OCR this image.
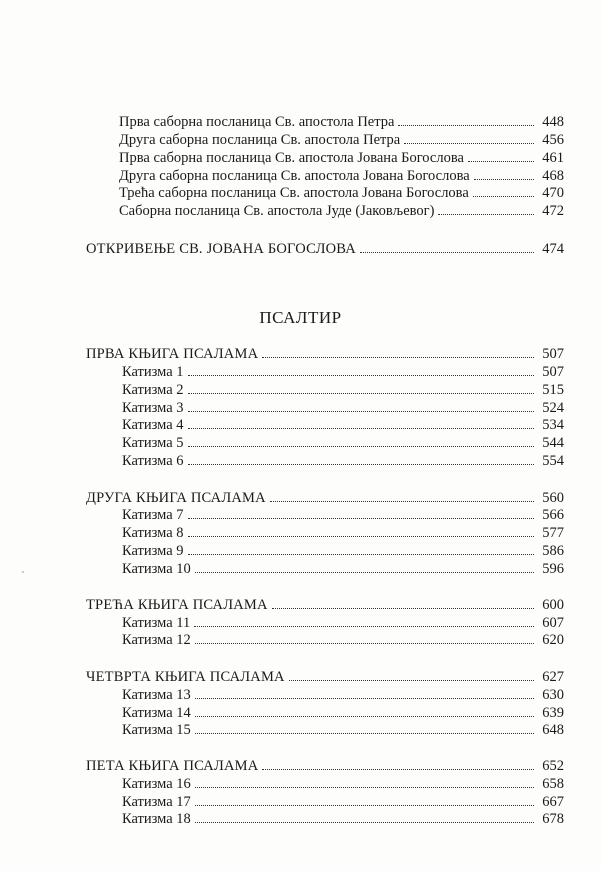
Прва саборна посланица Св. апостола Петра	448
Друга саборна посланица Св. апостола Петра	456
Прва саборна посланица Св. апостола Јована Богослова	461
Друга саборна посланица Св. апостола Јована Богослова	468
Трећа саборна посланица Св. апостола Јована Богослова	470
Саборна посланица Св. апостола Јуде (Јаковљевог)	472
ОТКРИВЕЊЕ СВ. ЈОВАНА БОГОСЛОВА	474
ПСАЛТИР
ПРВА КЊИГА ПСАЛАМА	507
Катизма 1	507
Катизма 2	515
Катизма 3	524
Катизма 4	534
Катизма 5	544
Катизма 6	554
ДРУГА КЊИГА ПСАЛАМА	560
Катизма 7	566
Катизма 8	577
Катизма 9	586
Катизма 10	596
ТРЕЋА КЊИГА ПСАЛАМА	600
Катизма 11	607
Катизма 12	620
ЧЕТВРТА КЊИГА ПСАЛАМА	627
Катизма 13	630
Катизма 14	639
Катизма 15	648
ПЕТА КЊИГА ПСАЛАМА	652
Катизма 16	658
Катизма 17	667
Катизма 18	678
